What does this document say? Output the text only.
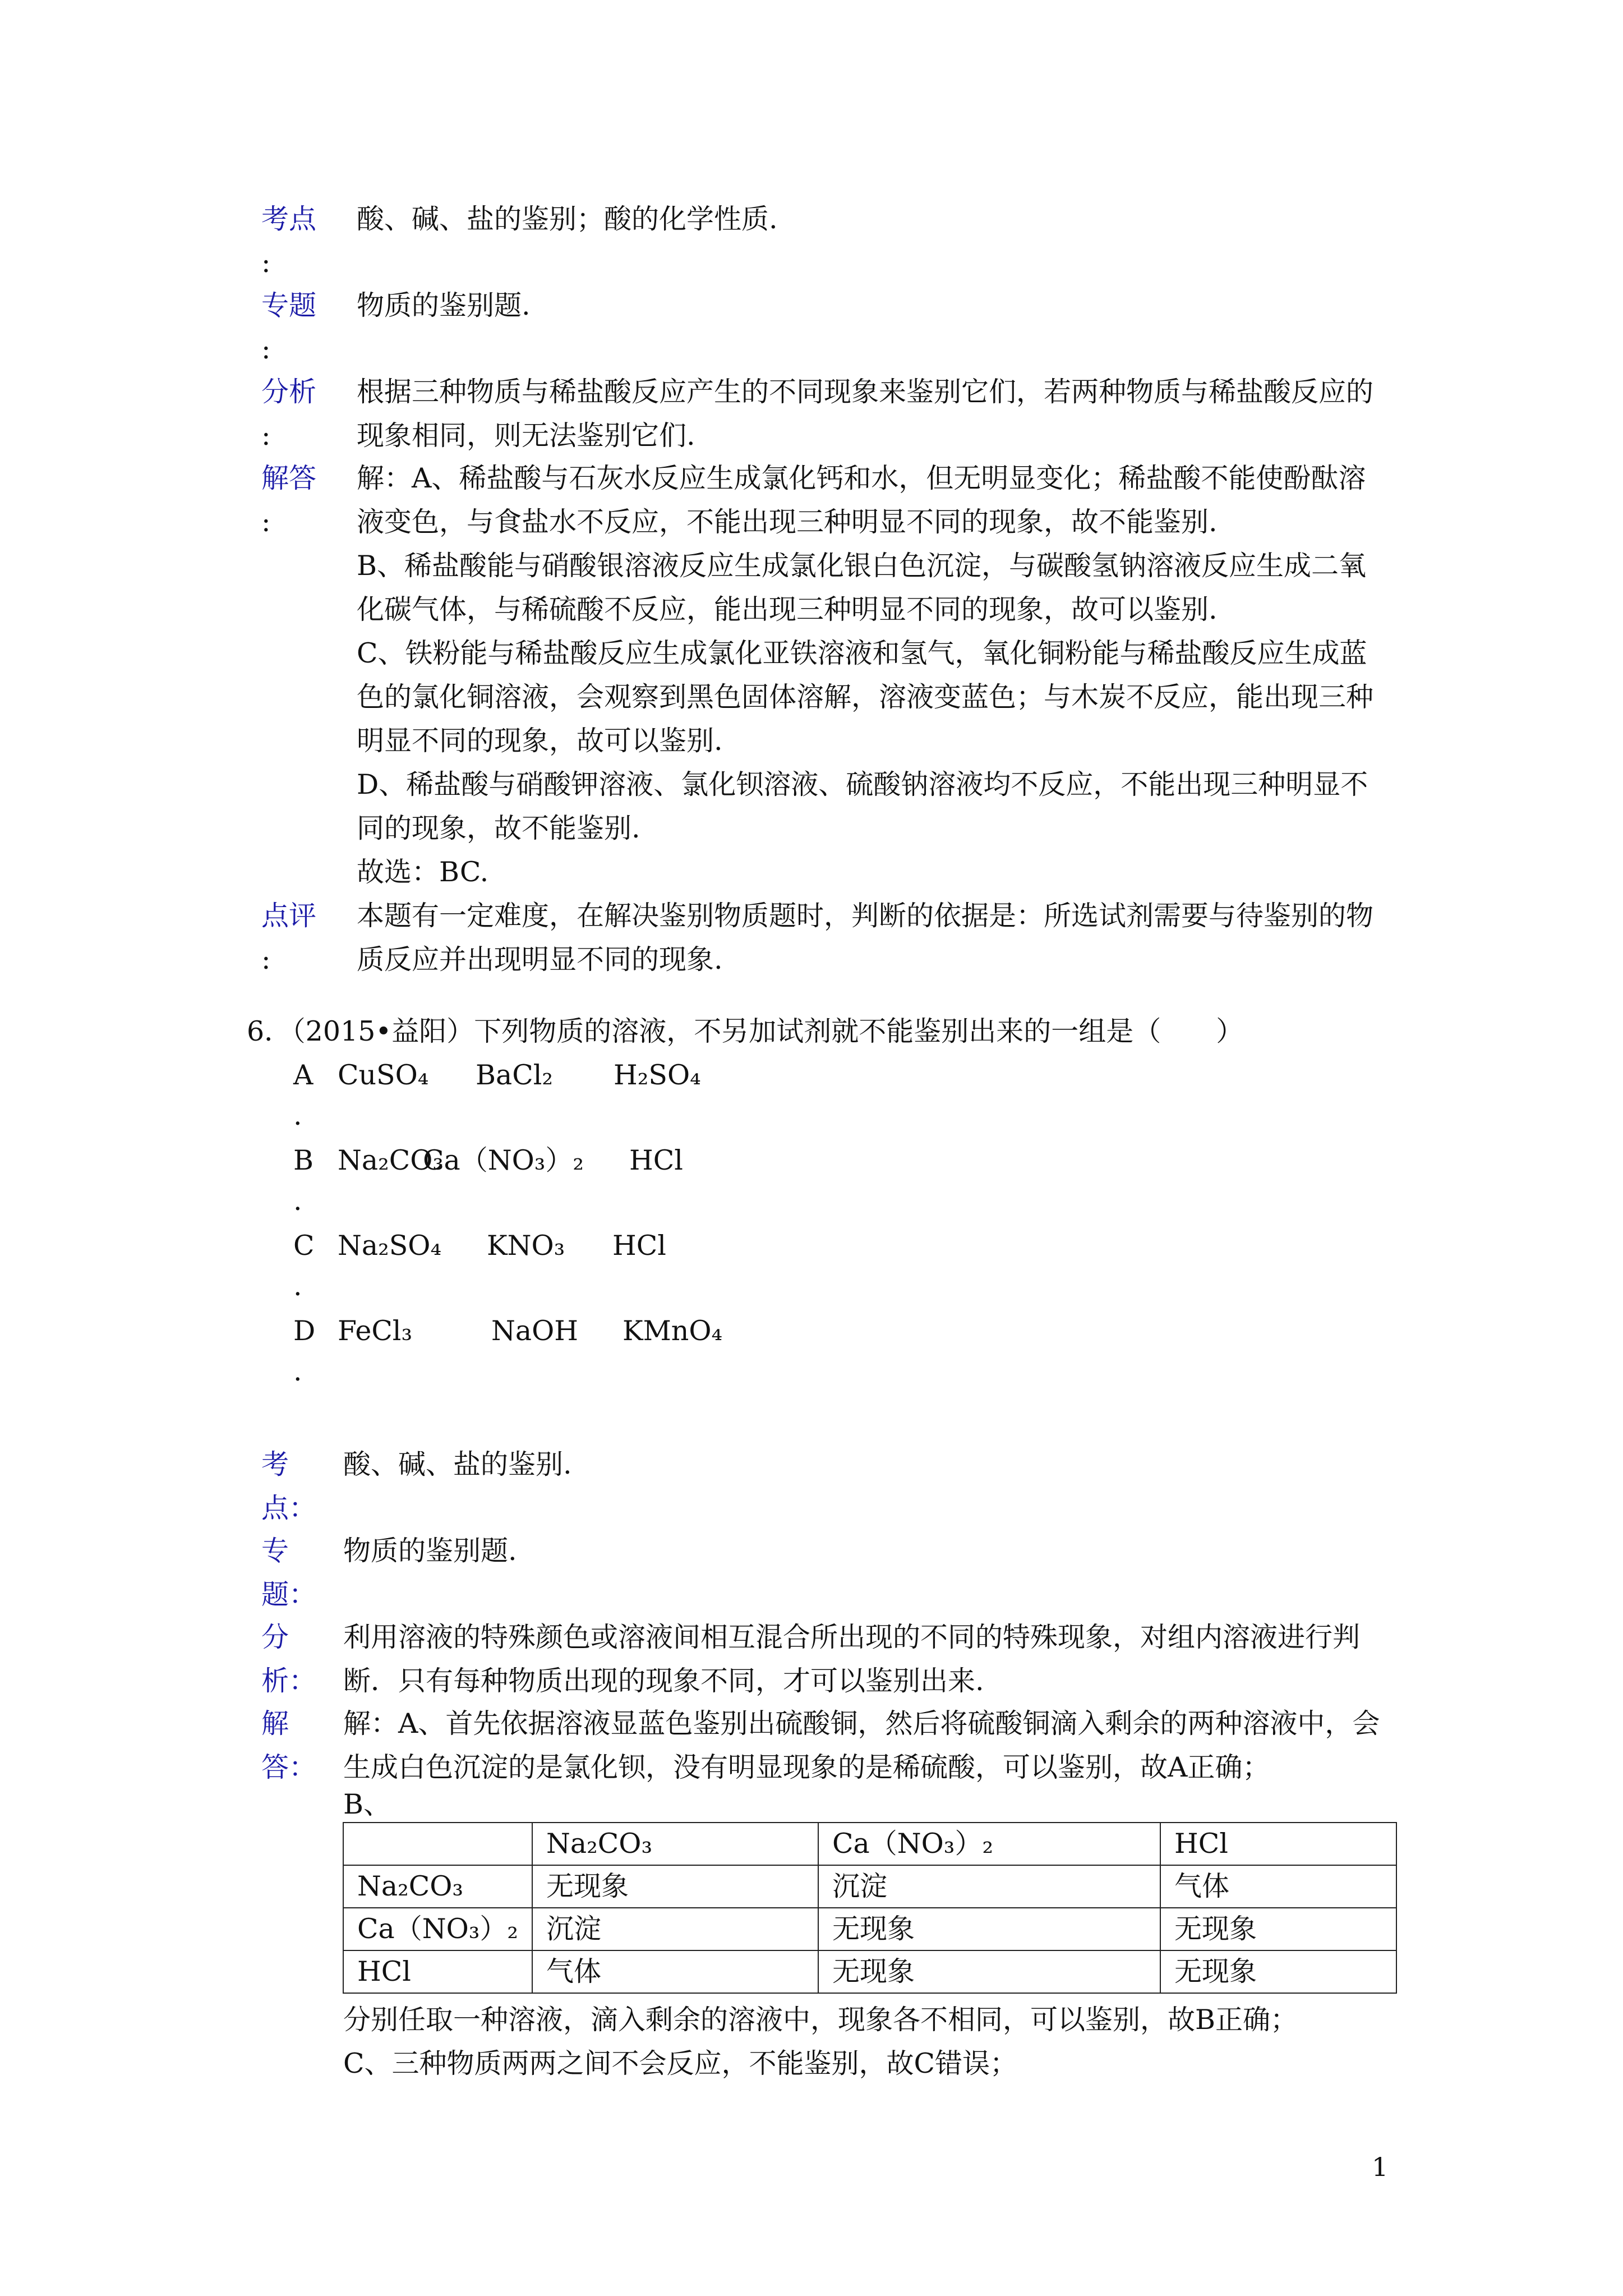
考点
:
酸、碱、盐的鉴别；酸的化学性质.
专题
:
物质的鉴别题.
分析
:
根据三种物质与稀盐酸反应产生的不同现象来鉴别它们，若两种物质与稀盐酸反应的现象相同，则无法鉴别它们.
解答
:
解：A、稀盐酸与石灰水反应生成氯化钙和水，但无明显变化；稀盐酸不能使酚酞溶液变色，与食盐水不反应，不能出现三种明显不同的现象，故不能鉴别.
B、稀盐酸能与硝酸银溶液反应生成氯化银白色沉淀，与碳酸氢钠溶液反应生成二氧化碳气体，与稀硫酸不反应，能出现三种明显不同的现象，故可以鉴别.
C、铁粉能与稀盐酸反应生成氯化亚铁溶液和氢气，氧化铜粉能与稀盐酸反应生成蓝色的氯化铜溶液，会观察到黑色固体溶解，溶液变蓝色；与木炭不反应，能出现三种明显不同的现象，故可以鉴别.
D、稀盐酸与硝酸钾溶液、氯化钡溶液、硫酸钠溶液均不反应，不能出现三种明显不同的现象，故不能鉴别.
故选：BC.
点评
:
本题有一定难度，在解决鉴别物质题时，判断的依据是：所选试剂需要与待鉴别的物质反应并出现明显不同的现象.
6．（2015•益阳）下列物质的溶液，不另加试剂就不能鉴别出来的一组是（　　）
A
.
CuSO₄ BaCl₂ H₂SO₄
B
.
Na₂CO₃
Ca（NO₃）₂ HCl
C
.
Na₂SO₄ KNO₃ HCl
D
.
FeCl₃	NaOH KMnO₄
考
点：
酸、碱、盐的鉴别.
专
题：
物质的鉴别题.
分
析：
利用溶液的特殊颜色或溶液间相互混合所出现的不同的特殊现象，对组内溶液进行判断．只有每种物质出现的现象不同，才可以鉴别出来.
解
答：
解：A、首先依据溶液显蓝色鉴别出硫酸铜，然后将硫酸铜滴入剩余的两种溶液中，会生成白色沉淀的是氯化钡，没有明显现象的是稀硫酸，可以鉴别，故A正确；
B、
	Na₂CO₃	Ca（NO₃）₂	HCl
Na₂CO₃	无现象	沉淀	气体
Ca（NO₃）₂	沉淀	无现象	无现象
HCl	气体	无现象	无现象
分别任取一种溶液，滴入剩余的溶液中，现象各不相同，可以鉴别，故B正确；
C、三种物质两两之间不会反应，不能鉴别，故C错误；
1
